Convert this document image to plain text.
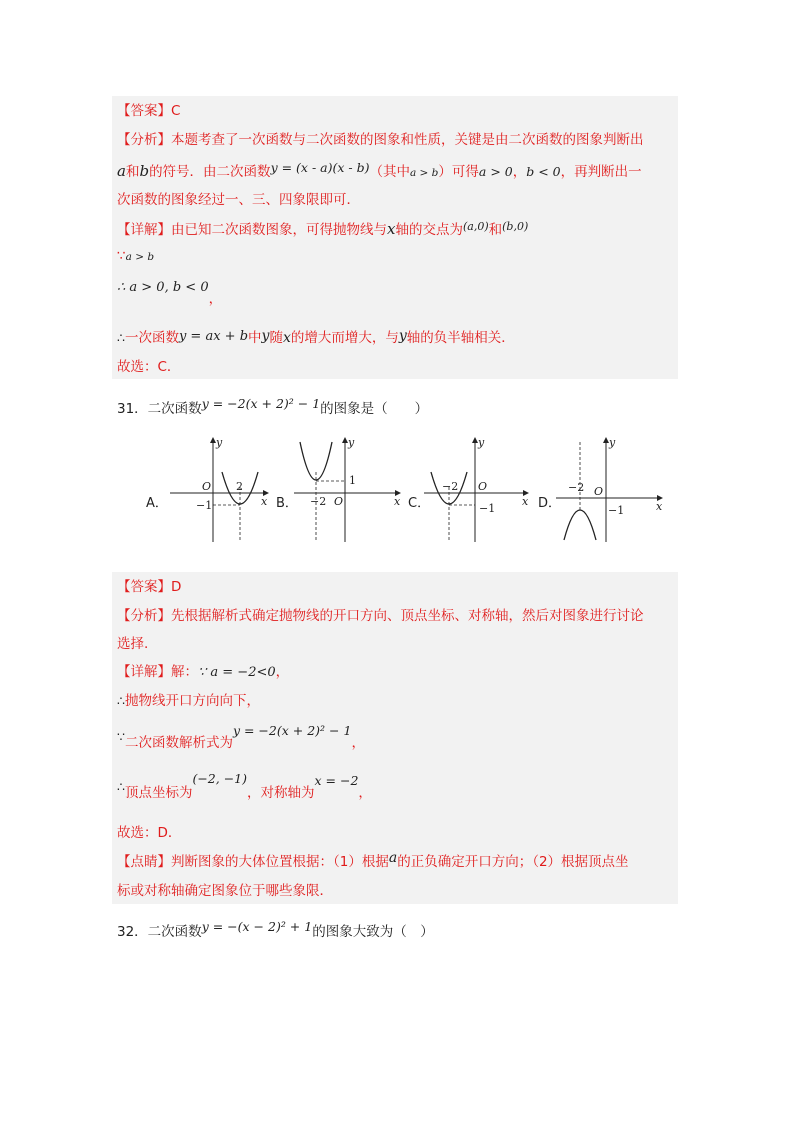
【答案】C
【分析】本题考查了一次函数与二次函数的图象和性质，关键是由二次函数的图象判断出
a和b的符号．由二次函数y = (x - a)(x - b)（其中a > b）可得a > 0，b < 0，再判断出一
次函数的图象经过一、三、四象限即可．
【详解】由已知二次函数图象，可得抛物线与x轴的交点为$^{(a,0)}$和$^{(b,0)}$
∵a > b
∴ a > 0, b < 0，
∴一次函数y = ax + b中y随x的增大而增大，与y轴的负半轴相关．
故选：C．
31．二次函数y = −2(x + 2)² − 1的图象是（　　）
A．	B．	C．	D．
y
x
O 2
−1
y
x
O
−2
1
y
x
O
−2
−1
y
x
O
−2
−1
【答案】D
【分析】先根据解析式确定抛物线的开口方向、顶点坐标、对称轴，然后对图象进行讨论
选择.
【详解】解：∵ a = −2<0，
∴抛物线开口方向向下，
∵二次函数解析式为y = −2(x + 2)² − 1，
∴顶点坐标为(−2, −1)，对称轴为x = −2，
故选：D．
【点睛】判断图象的大体位置根据：（1）根据a的正负确定开口方向；（2）根据顶点坐
标或对称轴确定图象位于哪些象限．
32．二次函数y = −(x − 2)² + 1的图象大致为（　）
